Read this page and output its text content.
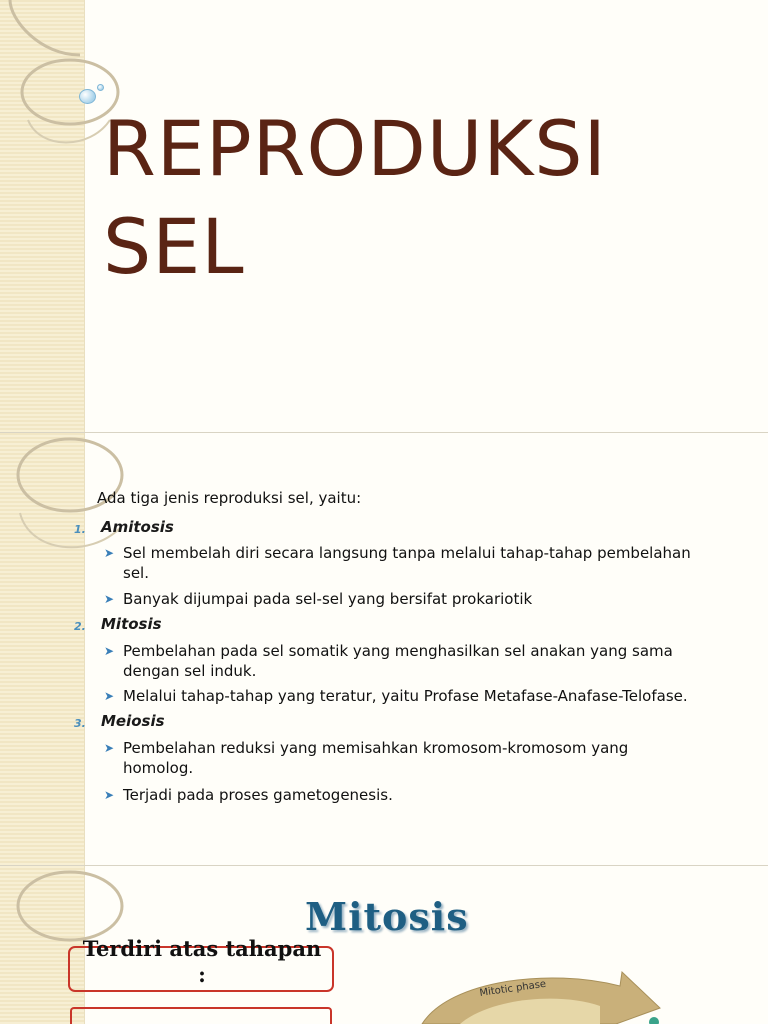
REPRODUKSI
SEL
Ada tiga jenis reproduksi sel, yaitu:
1. Amitosis
➤ Sel membelah diri secara langsung tanpa melalui tahap-tahap pembelahan sel.
➤ Banyak dijumpai pada sel-sel yang bersifat prokariotik
2. Mitosis
➤ Pembelahan pada sel somatik yang menghasilkan sel anakan yang sama dengan sel induk.
➤ Melalui tahap-tahap yang teratur, yaitu Profase Metafase-Anafase-Telofase.
3. Meiosis
➤ Pembelahan reduksi yang memisahkan kromosom-kromosom yang homolog.
➤ Terjadi pada proses gametogenesis.
Mitosis
Terdiri atas tahapan :
Mitotic phase
